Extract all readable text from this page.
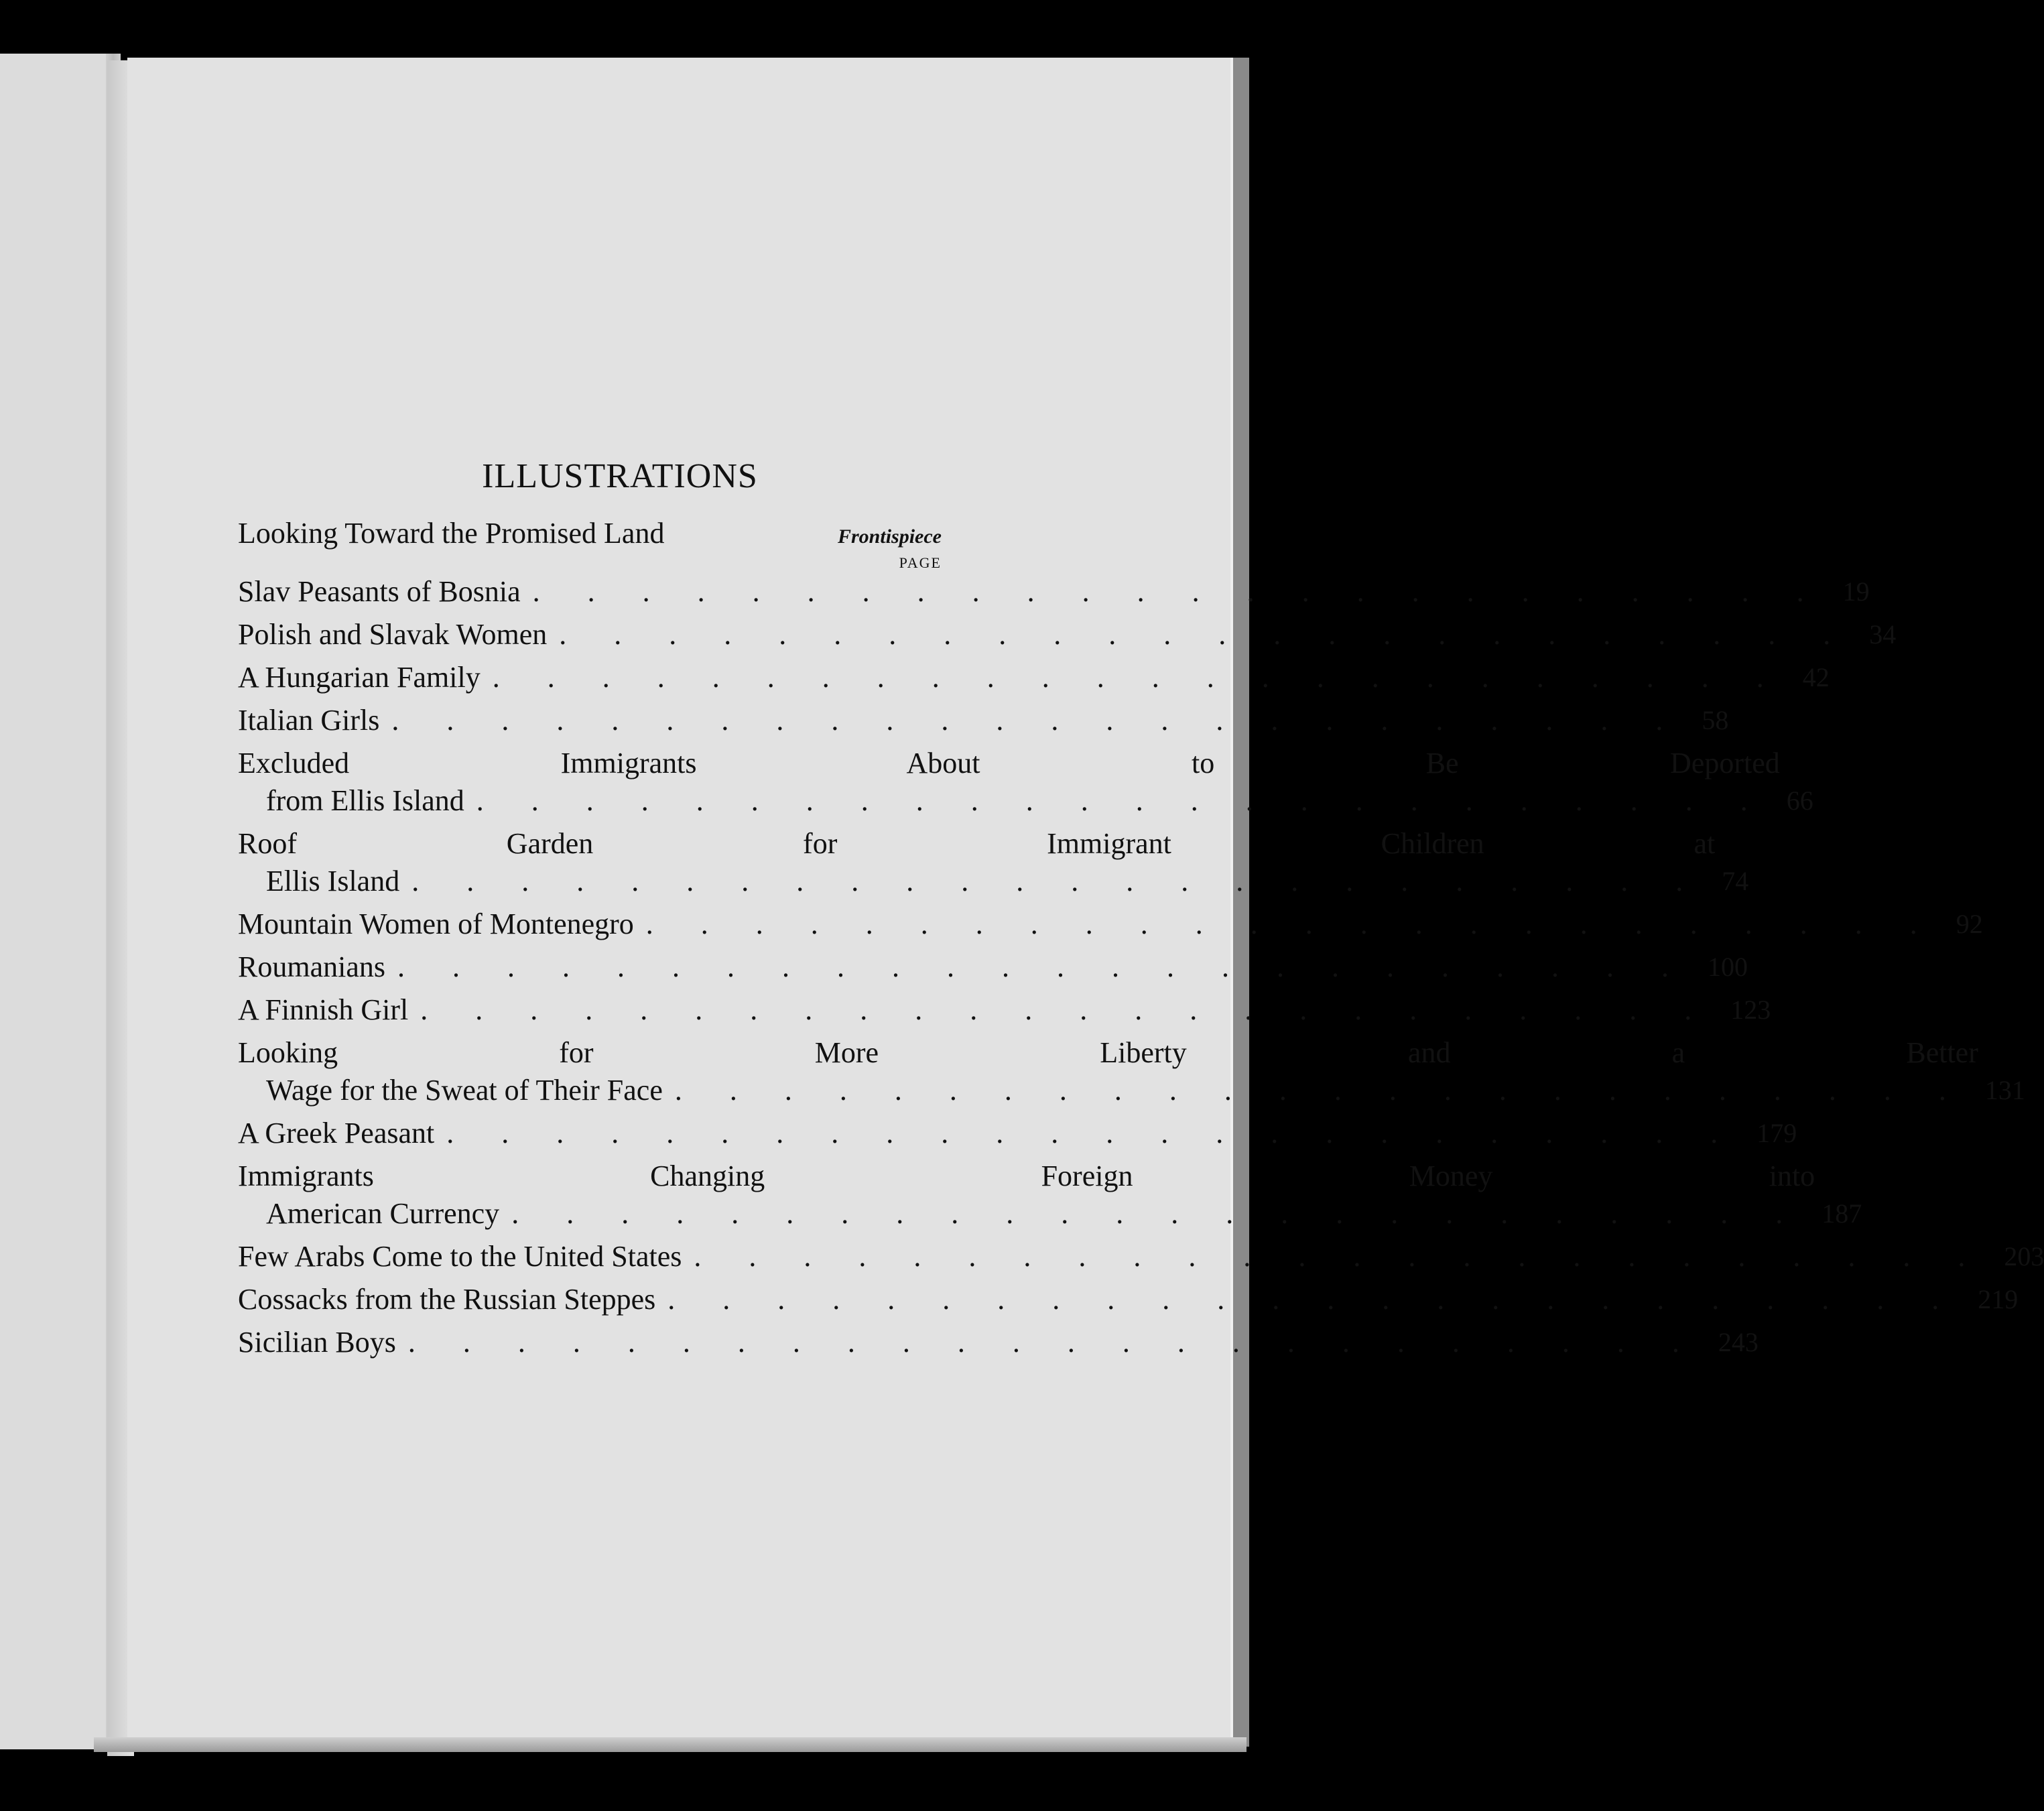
ILLUSTRATIONS
Looking Toward the Promised Land	Frontispiece
PAGE
Slav Peasants of Bosnia . . .	19
Polish and Slavak Women . . .	34
A Hungarian Family . . .	42
Italian Girls . . .	58
Excluded Immigrants About to Be Deported
from Ellis Island . . .	66
Roof Garden for Immigrant Children at
Ellis Island . . .	74
Mountain Women of Montenegro . . .	92
Roumanians . . .	100
A Finnish Girl . . .	123
Looking for More Liberty and a Better
Wage for the Sweat of Their Face . . .	131
A Greek Peasant . . .	179
Immigrants Changing Foreign Money into
American Currency . . .	187
Few Arabs Come to the United States . . .	203
Cossacks from the Russian Steppes . . .	219
Sicilian Boys . . .	243
